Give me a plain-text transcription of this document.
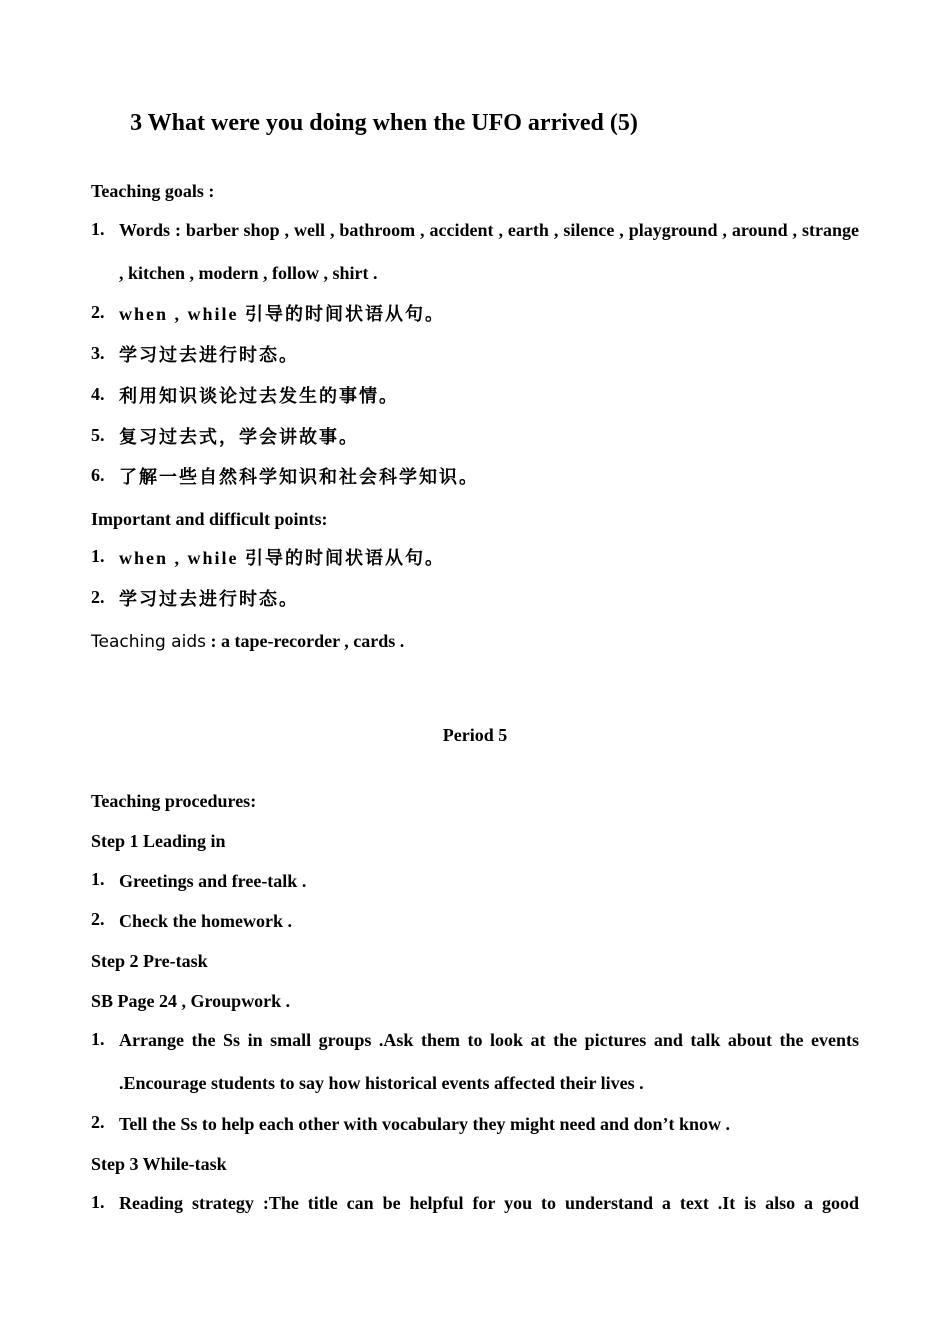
3 What were you doing when the UFO arrived (5)
Teaching goals :
1. Words : barber shop , well , bathroom , accident , earth , silence , playground , around , strange , kitchen , modern , follow , shirt .
2. when , while 引导的时间状语从句。
3. 学习过去进行时态。
4. 利用知识谈论过去发生的事情。
5. 复习过去式，学会讲故事。
6. 了解一些自然科学知识和社会科学知识。
Important and difficult points:
1. when , while 引导的时间状语从句。
2. 学习过去进行时态。
Teaching aids : a tape-recorder , cards .
Period 5
Teaching procedures:
Step 1 Leading in
1. Greetings and free-talk .
2. Check the homework .
Step 2 Pre-task
SB Page 24 , Groupwork .
1. Arrange the Ss in small groups .Ask them to look at the pictures and talk about the events .Encourage students to say how historical events affected their lives .
2. Tell the Ss to help each other with vocabulary they might need and don’t know .
Step 3 While-task
1. Reading strategy :The title can be helpful for you to understand a text .It is also a good
